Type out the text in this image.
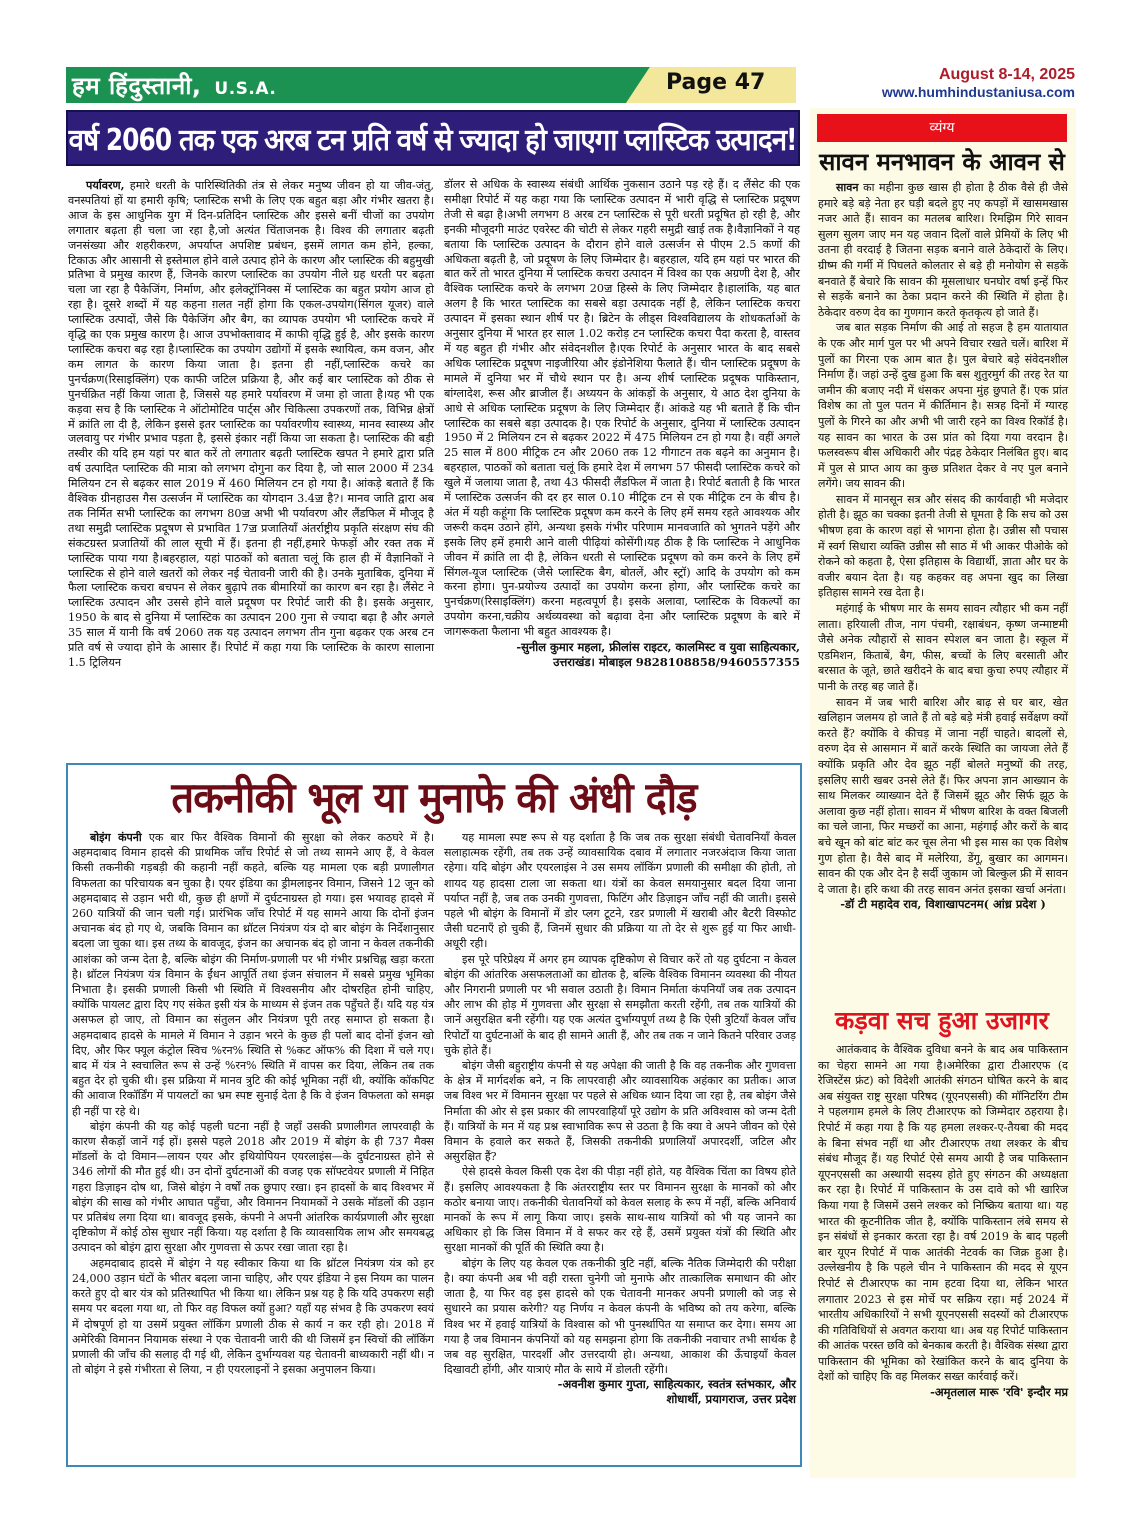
हम हिंदुस्तानी, U.S.A.	Page 47	August 8-14, 2025
www.humhindustaniusa.com
वर्ष 2060 तक एक अरब टन प्रति वर्ष से ज्यादा हो जाएगा प्लास्टिक उत्पादन!

पर्यावरण, हमारे धरती के पारिस्थितिकी तंत्र से लेकर मनुष्य जीवन हो या जीव-जंतु, वनस्पतियां हों या हमारी कृषि; प्लास्टिक सभी के लिए एक बहुत बड़ा और गंभीर खतरा है। आज के इस आधुनिक युग में दिन-प्रतिदिन प्लास्टिक और इससे बनीं चीजों का उपयोग लगातार बढ़ता ही चला जा रहा है,जो अत्यंत चिंताजनक है। विश्व की लगातार बढ़ती जनसंख्या और शहरीकरण, अपर्याप्त अपशिष्ट प्रबंधन, इसमें लागत कम होने, हल्का, टिकाऊ और आसानी से इस्तेमाल होने वाले उत्पाद होने के कारण और प्लास्टिक की बहुमुखी प्रतिभा वे प्रमुख कारण हैं, जिनके कारण प्लास्टिक का उपयोग नीले ग्रह धरती पर बढ़ता चला जा रहा है पैकेजिंग, निर्माण, और इलेक्ट्रॉनिक्स में प्लास्टिक का बहुत प्रयोग आज हो रहा है। दूसरे शब्दों में यह कहना ग़लत नहीं होगा कि एकल-उपयोग(सिंगल यूजर) वाले प्लास्टिक उत्पादों, जैसे कि पैकेजिंग और बैग, का व्यापक उपयोग भी प्लास्टिक कचरे में वृद्धि का एक प्रमुख कारण है। आज उपभोक्तावाद में काफी वृद्धि हुई है, और इसके कारण प्लास्टिक कचरा बढ़ रहा है।प्लास्टिक का उपयोग उद्योगों में इसके स्थायित्व, कम वजन, और कम लागत के कारण किया जाता है। इतना ही नहीं,प्लास्टिक कचरे का पुनर्चक्रण(रिसाइक्लिंग) एक काफी जटिल प्रक्रिया है, और कई बार प्लास्टिक को ठीक से पुनर्चक्रित नहीं किया जाता है, जिससे यह हमारे पर्यावरण में जमा हो जाता है।यह भी एक कड़वा सच है कि प्लास्टिक ने ऑटोमोटिव पार्ट्स और चिकित्सा उपकरणों तक, विभिन्न क्षेत्रों में क्रांति ला दी है, लेकिन इससे इतर प्लास्टिक का पर्यावरणीय स्वास्थ्य, मानव स्वास्थ्य और जलवायु पर गंभीर प्रभाव पड़ता है, इससे इंकार नहीं किया जा सकता है। प्लास्टिक की बड़ी तस्वीर की यदि हम यहां पर बात करें तो लगातार बढ़ती प्लास्टिक खपत ने हमारे द्वारा प्रति वर्ष उत्पादित प्लास्टिक की मात्रा को लगभग दोगुना कर दिया है, जो साल 2000 में 234 मिलियन टन से बढ़कर साल 2019 में 460 मिलियन टन हो गया है। आंकड़े बताते हैं कि वैश्विक ग्रीनहाउस गैस उत्सर्जन में प्लास्टिक का योगदान 3.4ॼ है?। मानव जाति द्वारा अब तक निर्मित सभी प्लास्टिक का लगभग 80ॼ अभी भी पर्यावरण और लैंडफिल में मौजूद है तथा समुद्री प्लास्टिक प्रदूषण से प्रभावित 17ॼ प्रजातियाँ अंतर्राष्ट्रीय प्रकृति संरक्षण संघ की संकटग्रस्त प्रजातियों की लाल सूची में हैं। इतना ही नहीं,हमारे फेफड़ों और रक्त तक में प्लास्टिक पाया गया है।बहरहाल, यहां पाठकों को बताता चलूं कि हाल ही में वैज्ञानिकों ने प्लास्टिक से होने वाले खतरों को लेकर नई चेतावनी जारी की है। उनके मुताबिक, दुनिया में फैला प्लास्टिक कचरा बचपन से लेकर बुढ़ापे तक बीमारियों का कारण बन रहा है। लैंसेट ने प्लास्टिक उत्पादन और उससे होने वाले प्रदूषण पर रिपोर्ट जारी की है। इसके अनुसार, 1950 के बाद से दुनिया में प्लास्टिक का उत्पादन 200 गुना से ज्यादा बढ़ा है और अगले 35 साल में यानी कि वर्ष 2060 तक यह उत्पादन लगभग तीन गुना बढ़कर एक अरब टन प्रति वर्ष से ज्यादा होने के आसार हैं। रिपोर्ट में कहा गया कि प्लास्टिक के कारण सालाना 1.5 ट्रिलियन

डॉलर से अधिक के स्वास्थ्य संबंधी आर्थिक नुकसान उठाने पड़ रहे हैं। द लैंसेट की एक समीक्षा रिपोर्ट में यह कहा गया कि प्लास्टिक उत्पादन में भारी वृद्धि से प्लास्टिक प्रदूषण तेजी से बढ़ा है।अभी लगभग 8 अरब टन प्लास्टिक से पूरी धरती प्रदूषित हो रही है, और इनकी मौजूदगी माउंट एवरेस्ट की चोटी से लेकर गहरी समुद्री खाई तक है।वैज्ञानिकों ने यह बताया कि प्लास्टिक उत्पादन के दौरान होने वाले उत्सर्जन से पीएम 2.5 कणों की अधिकता बढ़ती है, जो प्रदूषण के लिए जिम्मेदार है। बहरहाल, यदि हम यहां पर भारत की बात करें तो भारत दुनिया में प्लास्टिक कचरा उत्पादन में विश्व का एक अग्रणी देश है, और वैश्विक प्लास्टिक कचरे के लगभग 20ॼ हिस्से के लिए जिम्मेदार है।हालांकि, यह बात अलग है कि भारत प्लास्टिक का सबसे बड़ा उत्पादक नहीं है, लेकिन प्लास्टिक कचरा उत्पादन में इसका स्थान शीर्ष पर है। ब्रिटेन के लीड्स विश्वविद्यालय के शोधकर्ताओं के अनुसार दुनिया में भारत हर साल 1.02 करोड़ टन प्लास्टिक कचरा पैदा करता है, वास्तव में यह बहुत ही गंभीर और संवेदनशील है।एक रिपोर्ट के अनुसार भारत के बाद सबसे अधिक प्लास्टिक प्रदूषण नाइजीरिया और इंडोनेशिया फैलाते हैं। चीन प्लास्टिक प्रदूषण के मामले में दुनिया भर में चौथे स्थान पर है। अन्य शीर्ष प्लास्टिक प्रदूषक पाकिस्तान, बांग्लादेश, रूस और ब्राजील हैं। अध्ययन के आंकड़ों के अनुसार, ये आठ देश दुनिया के आधे से अधिक प्लास्टिक प्रदूषण के लिए जिम्मेदार हैं। आंकडे यह भी बताते हैं कि चीन प्लास्टिक का सबसे बड़ा उत्पादक है। एक रिपोर्ट के अनुसार, दुनिया में प्लास्टिक उत्पादन 1950 में 2 मिलियन टन से बढ़कर 2022 में 475 मिलियन टन हो गया है। वहीं अगले 25 साल में 800 मीट्रिक टन और 2060 तक 12 गीगाटन तक बढ़ने का अनुमान है। बहरहाल, पाठकों को बताता चलूं कि हमारे देश में लगभग 57 फीसदी प्लास्टिक कचरे को खुले में जलाया जाता है, तथा 43 फीसदी लैंडफिल में जाता है। रिपोर्ट बताती है कि भारत में प्लास्टिक उत्सर्जन की दर हर साल 0.10 मीट्रिक टन से एक मीट्रिक टन के बीच है। अंत में यही कहूंगा कि प्लास्टिक प्रदूषण कम करने के लिए हमें समय रहते आवश्यक और जरूरी कदम उठाने होंगे, अन्यथा इसके गंभीर परिणाम मानवजाति को भुगतने पड़ेंगे और इसके लिए हमें हमारी आने वाली पीढ़ियां कोसेंगी।यह ठीक है कि प्लास्टिक ने आधुनिक जीवन में क्रांति ला दी है, लेकिन धरती से प्लास्टिक प्रदूषण को कम करने के लिए हमें सिंगल-यूज प्लास्टिक (जैसे प्लास्टिक बैग, बोतलें, और स्ट्रॉ) आदि के उपयोग को कम करना होगा। पुन-प्रयोज्य उत्पादों का उपयोग करना होगा, और प्लास्टिक कचरे का पुनर्चक्रण(रिसाइक्लिंग) करना महत्वपूर्ण है। इसके अलावा, प्लास्टिक के विकल्पों का उपयोग करना,चक्रीय अर्थव्यवस्था को बढ़ावा देना और प्लास्टिक प्रदूषण के बारे में जागरूकता फैलाना भी बहुत आवश्यक है।

-सुनील कुमार महला, फ्रीलांस राइटर, कालमिस्ट व युवा साहित्यकार,
उत्तराखंड। मोबाइल 9828108858/9460557355
व्यंग्य
सावन मनभावन के आवन से

सावन का महीना कुछ खास ही होता है ठीक वैसे ही जैसे हमारे बड़े बड़े नेता हर घड़ी बदले हुए नए कपड़ों में खासमखास नजर आते हैं। सावन का मतलब बारिश। रिमझिम गिरे सावन सुलग सुलग जाए मन यह जवान दिलों वाले प्रेमियों के लिए भी उतना ही वरदाई है जितना सड़क बनाने वाले ठेकेदारों के लिए। ग्रीष्म की गर्मी में पिघलते कोलतार से बड़े ही मनोयोग से सड़कें बनवाते हैं बेचारे कि सावन की मूसलाधार घनघोर वर्षा इन्हें फिर से सड़कें बनाने का ठेका प्रदान करने की स्थिति में होता है। ठेकेदार वरुण देव का गुणगान करते कृतकृत्य हो जाते हैं।

जब बात सड़क निर्माण की आई तो सहज है हम यातायात के एक और मार्ग पुल पर भी अपने विचार रखते चलें। बारिश में पुलों का गिरना एक आम बात है। पुल बेचारे बड़े संवेदनशील निर्माण हैं। जहां उन्हें दुख हुआ कि बस शुतुरमुर्ग की तरह रेत या जमीन की बजाए नदी में धंसकर अपना मुंह छुपाते हैं। एक प्रांत विशेष का तो पुल पतन में कीर्तिमान है। सत्रह दिनों में ग्यारह पुलों के गिरने का और अभी भी जारी रहने का विश्व रिकॉर्ड है। यह सावन का भारत के उस प्रांत को दिया गया वरदान है। फलस्वरूप बीस अधिकारी और पंद्रह ठेकेदार निलंबित हुए। बाद में पुल से प्राप्त आय का कुछ प्रतिशत देकर वे नए पुल बनाने लगेंगे। जय सावन की।

सावन में मानसून सत्र और संसद की कार्यवाही भी मजेदार होती है। झूठ का चक्का इतनी तेजी से घूमता है कि सच को उस भीषण हवा के कारण वहां से भागना होता है। उन्नीस सौ पचास में स्वर्ग सिधारा व्यक्ति उन्नीस सौ साठ में भी आकर पीओके को रोकने को कहता है, ऐसा इतिहास के विद्यार्थी, ज्ञाता और घर के वजीर बयान देता है। यह कहकर वह अपना खुद का लिखा इतिहास सामने रख देता है।

महंगाई के भीषण मार के समय सावन त्यौहार भी कम नहीं लाता। हरियाली तीज, नाग पंचमी, रक्षाबंधन, कृष्ण जन्माष्टमी जैसे अनेक त्यौहारों से सावन स्पेशल बन जाता है। स्कूल में एडमिशन, किताबें, बैग, फीस, बच्चों के लिए बरसाती और बरसात के जूते, छाते खरीदने के बाद बचा कुचा रुपए त्यौहार में पानी के तरह बह जाते हैं।

सावन में जब भारी बारिश और बाढ़ से घर बार, खेत खलिहान जलमय हो जाते हैं तो बड़े बड़े मंत्री हवाई सर्वेक्षण क्यों करते हैं? क्योंकि वे कीचड़ में जाना नहीं चाहते। बादलों से, वरुण देव से आसमान में बातें करके स्थिति का जायजा लेते हैं क्योंकि प्रकृति और देव झूठ नहीं बोलते मनुष्यों की तरह, इसलिए सारी खबर उनसे लेते हैं। फिर अपना ज्ञान आख्यान के साथ मिलकर व्याख्यान देते हैं जिसमें झूठ और सिर्फ झूठ के अलावा कुछ नहीं होता। सावन में भीषण बारिश के वक्त बिजली का चले जाना, फिर मच्छरों का आना, महंगाई और करों के बाद बचे खून को बांट बांट कर चूस लेना भी इस मास का एक विशेष गुण होता है। वैसे बाद में मलेरिया, डेंगू, बुखार का आगमन। सावन की एक और देन है सर्दी जुकाम जो बिल्कुल फ्री में सावन दे जाता है। हरि कथा की तरह सावन अनंत इसका खर्चा अनंता।

-डॉ टी महादेव राव, विशाखापटनम( आंध्र प्रदेश )
कड़वा सच हुआ उजागर

आतंकवाद के वैश्विक दुविधा बनने के बाद अब पाकिस्तान का चेहरा सामने आ गया है।अमेरिका द्वारा टीआरएफ (द रेजिस्टेंस फ्रंट) को विदेशी आतंकी संगठन घोषित करने के बाद अब संयुक्त राष्ट्र सुरक्षा परिषद (यूएनएससी) की मॉनिटरिंग टीम ने पहलगाम हमले के लिए टीआरएफ को जिम्मेदार ठहराया है। रिपोर्ट में कहा गया है कि यह हमला लश्कर-ए-तैयबा की मदद के बिना संभव नहीं था और टीआरएफ तथा लश्कर के बीच संबंध मौजूद हैं। यह रिपोर्ट ऐसे समय आयी है जब पाकिस्तान यूएनएससी का अस्थायी सदस्य होते हुए संगठन की अध्यक्षता कर रहा है। रिपोर्ट में पाकिस्तान के उस दावे को भी खारिज किया गया है जिसमें उसने लश्कर को निष्क्रिय बताया था। यह भारत की कूटनीतिक जीत है, क्योंकि पाकिस्तान लंबे समय से इन संबंधों से इनकार करता रहा है। वर्ष 2019 के बाद पहली बार यूएन रिपोर्ट में पाक आतंकी नेटवर्क का जिक्र हुआ है। उल्लेखनीय है कि पहले चीन ने पाकिस्तान की मदद से यूएन रिपोर्ट से टीआरएफ का नाम हटवा दिया था, लेकिन भारत लगातार 2023 से इस मोर्चे पर सक्रिय रहा। मई 2024 में भारतीय अधिकारियों ने सभी यूएनएससी सदस्यों को टीआरएफ की गतिविधियों से अवगत कराया था। अब यह रिपोर्ट पाकिस्तान की आतंक परस्त छवि को बेनकाब करती है। वैश्विक संस्था द्वारा पाकिस्तान की भूमिका को रेखांकित करने के बाद दुनिया के देशों को चाहिए कि वह मिलकर सख्त कार्रवाई करें।

-अमृतलाल मारू 'रवि' इन्दौर मप्र
तकनीकी भूल या मुनाफे की अंधी दौड़

बोइंग कंपनी एक बार फिर वैश्विक विमानों की सुरक्षा को लेकर कठघरे में है। अहमदाबाद विमान हादसे की प्राथमिक जाँच रिपोर्ट से जो तथ्य सामने आए हैं, वे केवल किसी तकनीकी गड़बड़ी की कहानी नहीं कहते, बल्कि यह मामला एक बड़ी प्रणालीगत विफलता का परिचायक बन चुका है। एयर इंडिया का ड्रीमलाइनर विमान, जिसने 12 जून को अहमदाबाद से उड़ान भरी थी, कुछ ही क्षणों में दुर्घटनाग्रस्त हो गया। इस भयावह हादसे में 260 यात्रियों की जान चली गई। प्रारंभिक जाँच रिपोर्ट में यह सामने आया कि दोनों इंजन अचानक बंद हो गए थे, जबकि विमान का थ्रॉटल नियंत्रण यंत्र दो बार बोइंग के निर्देशानुसार बदला जा चुका था। इस तथ्य के बावजूद, इंजन का अचानक बंद हो जाना न केवल तकनीकी आशंका को जन्म देता है, बल्कि बोइंग की निर्माण-प्रणाली पर भी गंभीर प्रश्नचिह्न खड़ा करता है। थ्रॉटल नियंत्रण यंत्र विमान के ईंधन आपूर्ति तथा इंजन संचालन में सबसे प्रमुख भूमिका निभाता है। इसकी प्रणाली किसी भी स्थिति में विश्वसनीय और दोषरहित होनी चाहिए, क्योंकि पायलट द्वारा दिए गए संकेत इसी यंत्र के माध्यम से इंजन तक पहुँचते हैं। यदि यह यंत्र असफल हो जाए, तो विमान का संतुलन और नियंत्रण पूरी तरह समाप्त हो सकता है। अहमदाबाद हादसे के मामले में विमान ने उड़ान भरने के कुछ ही पलों बाद दोनों इंजन खो दिए, और फिर फ्यूल कंट्रोल स्विच %रन% स्थिति से %कट ऑफ% की दिशा में चले गए। बाद में यंत्र ने स्वचालित रूप से उन्हें %रन% स्थिति में वापस कर दिया, लेकिन तब तक बहुत देर हो चुकी थी। इस प्रक्रिया में मानव त्रुटि की कोई भूमिका नहीं थी, क्योंकि कॉकपिट की आवाज रिकॉर्डिंग में पायलटों का भ्रम स्पष्ट सुनाई देता है कि वे इंजन विफलता को समझ ही नहीं पा रहे थे।

बोइंग कंपनी की यह कोई पहली घटना नहीं है जहाँ उसकी प्रणालीगत लापरवाही के कारण सैकड़ों जानें गई हों। इससे पहले 2018 और 2019 में बोइंग के ही 737 मैक्स मॉडलों के दो विमान—लायन एयर और इथियोपियन एयरलाइंस—के दुर्घटनाग्रस्त होने से 346 लोगों की मौत हुई थी। उन दोनों दुर्घटनाओं की वजह एक सॉफ्टवेयर प्रणाली में निहित गहरा डिज़ाइन दोष था, जिसे बोइंग ने वर्षों तक छुपाए रखा। इन हादसों के बाद विश्वभर में बोइंग की साख को गंभीर आघात पहुँचा, और विमानन नियामकों ने उसके मॉडलों की उड़ान पर प्रतिबंध लगा दिया था। बावजूद इसके, कंपनी ने अपनी आंतरिक कार्यप्रणाली और सुरक्षा दृष्टिकोण में कोई ठोस सुधार नहीं किया। यह दर्शाता है कि व्यावसायिक लाभ और समयबद्ध उत्पादन को बोइंग द्वारा सुरक्षा और गुणवत्ता से ऊपर रखा जाता रहा है।

अहमदाबाद हादसे में बोइंग ने यह स्वीकार किया था कि थ्रॉटल नियंत्रण यंत्र को हर 24,000 उड़ान घंटों के भीतर बदला जाना चाहिए, और एयर इंडिया ने इस नियम का पालन करते हुए दो बार यंत्र को प्रतिस्थापित भी किया था। लेकिन प्रश्न यह है कि यदि उपकरण सही समय पर बदला गया था, तो फिर वह विफल क्यों हुआ? यहाँ यह संभव है कि उपकरण स्वयं में दोषपूर्ण हो या उसमें प्रयुक्त लॉकिंग प्रणाली ठीक से कार्य न कर रही हो। 2018 में अमेरिकी विमानन नियामक संस्था ने एक चेतावनी जारी की थी जिसमें इन स्विचों की लॉकिंग प्रणाली की जाँच की सलाह दी गई थी, लेकिन दुर्भाग्यवश यह चेतावनी बाध्यकारी नहीं थी। न तो बोइंग ने इसे गंभीरता से लिया, न ही एयरलाइनों ने इसका अनुपालन किया।

यह मामला स्पष्ट रूप से यह दर्शाता है कि जब तक सुरक्षा संबंधी चेतावनियाँ केवल सलाहात्मक रहेंगी, तब तक उन्हें व्यावसायिक दबाव में लगातार नजरअंदाज किया जाता रहेगा। यदि बोइंग और एयरलाइंस ने उस समय लॉकिंग प्रणाली की समीक्षा की होती, तो शायद यह हादसा टाला जा सकता था। यंत्रों का केवल समयानुसार बदल दिया जाना पर्याप्त नहीं है, जब तक उनकी गुणवत्ता, फिटिंग और डिज़ाइन जाँच नहीं की जाती। इससे पहले भी बोइंग के विमानों में डोर प्लग टूटने, रडर प्रणाली में खराबी और बैटरी विस्फोट जैसी घटनाएँ हो चुकी हैं, जिनमें सुधार की प्रक्रिया या तो देर से शुरू हुई या फिर आधी-अधूरी रही।

इस पूरे परिप्रेक्ष्य में अगर हम व्यापक दृष्टिकोण से विचार करें तो यह दुर्घटना न केवल बोइंग की आंतरिक असफलताओं का द्योतक है, बल्कि वैश्विक विमानन व्यवस्था की नीयत और निगरानी प्रणाली पर भी सवाल उठाती है। विमान निर्माता कंपनियाँ जब तक उत्पादन और लाभ की होड़ में गुणवत्ता और सुरक्षा से समझौता करती रहेंगी, तब तक यात्रियों की जानें असुरक्षित बनी रहेंगी। यह एक अत्यंत दुर्भाग्यपूर्ण तथ्य है कि ऐसी त्रुटियाँ केवल जाँच रिपोर्टों या दुर्घटनाओं के बाद ही सामने आती हैं, और तब तक न जाने कितने परिवार उजड़ चुके होते हैं।

बोइंग जैसी बहुराष्ट्रीय कंपनी से यह अपेक्षा की जाती है कि वह तकनीक और गुणवत्ता के क्षेत्र में मार्गदर्शक बने, न कि लापरवाही और व्यावसायिक अहंकार का प्रतीक। आज जब विश्व भर में विमानन सुरक्षा पर पहले से अधिक ध्यान दिया जा रहा है, तब बोइंग जैसे निर्माता की ओर से इस प्रकार की लापरवाहियाँ पूरे उद्योग के प्रति अविश्वास को जन्म देती हैं। यात्रियों के मन में यह प्रश्न स्वाभाविक रूप से उठता है कि क्या वे अपने जीवन को ऐसे विमान के हवाले कर सकते हैं, जिसकी तकनीकी प्रणालियाँ अपारदर्शी, जटिल और असुरक्षित हैं?

ऐसे हादसे केवल किसी एक देश की पीड़ा नहीं होते, यह वैश्विक चिंता का विषय होते हैं। इसलिए आवश्यकता है कि अंतरराष्ट्रीय स्तर पर विमानन सुरक्षा के मानकों को और कठोर बनाया जाए। तकनीकी चेतावनियों को केवल सलाह के रूप में नहीं, बल्कि अनिवार्य मानकों के रूप में लागू किया जाए। इसके साथ-साथ यात्रियों को भी यह जानने का अधिकार हो कि जिस विमान में वे सफर कर रहे हैं, उसमें प्रयुक्त यंत्रों की स्थिति और सुरक्षा मानकों की पूर्ति की स्थिति क्या है।

बोइंग के लिए यह केवल एक तकनीकी त्रुटि नहीं, बल्कि नैतिक जिम्मेदारी की परीक्षा है। क्या कंपनी अब भी वही रास्ता चुनेगी जो मुनाफे और तात्कालिक समाधान की ओर जाता है, या फिर वह इस हादसे को एक चेतावनी मानकर अपनी प्रणाली को जड़ से सुधारने का प्रयास करेगी? यह निर्णय न केवल कंपनी के भविष्य को तय करेगा, बल्कि विश्व भर में हवाई यात्रियों के विश्वास को भी पुनर्स्थापित या समाप्त कर देगा। समय आ गया है जब विमानन कंपनियों को यह समझना होगा कि तकनीकी नवाचार तभी सार्थक है जब वह सुरक्षित, पारदर्शी और उत्तरदायी हो। अन्यथा, आकाश की ऊँचाइयाँ केवल दिखावटी होंगी, और यात्राएं मौत के साये में डोलती रहेंगी।

-अवनीश कुमार गुप्ता, साहित्यकार, स्वतंत्र स्तंभकार, और
शोधार्थी, प्रयागराज, उत्तर प्रदेश
